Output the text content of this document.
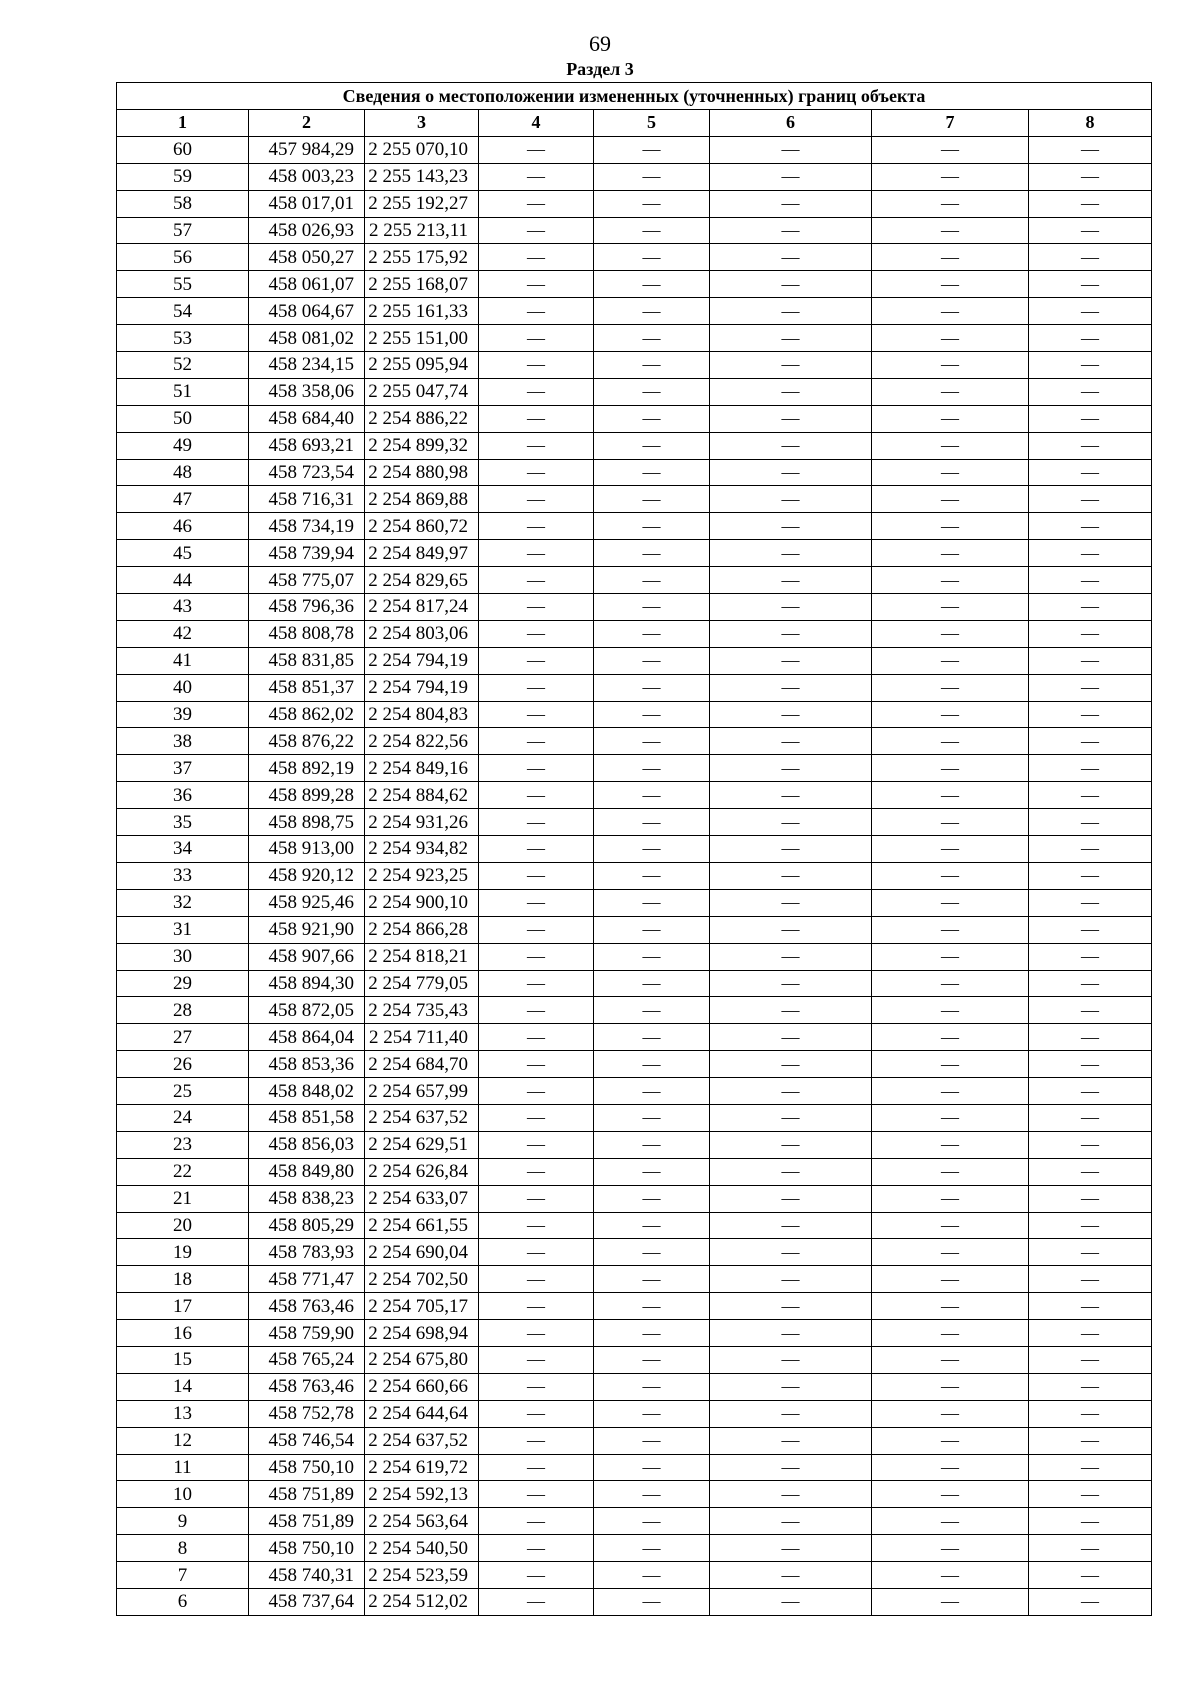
69
Раздел 3
Сведения о местоположении измененных (уточненных) границ объекта							
1	2	3	4	5	6	7	8
60	457 984,29	2 255 070,10	—	—	—	—	—
59	458 003,23	2 255 143,23	—	—	—	—	—
58	458 017,01	2 255 192,27	—	—	—	—	—
57	458 026,93	2 255 213,11	—	—	—	—	—
56	458 050,27	2 255 175,92	—	—	—	—	—
55	458 061,07	2 255 168,07	—	—	—	—	—
54	458 064,67	2 255 161,33	—	—	—	—	—
53	458 081,02	2 255 151,00	—	—	—	—	—
52	458 234,15	2 255 095,94	—	—	—	—	—
51	458 358,06	2 255 047,74	—	—	—	—	—
50	458 684,40	2 254 886,22	—	—	—	—	—
49	458 693,21	2 254 899,32	—	—	—	—	—
48	458 723,54	2 254 880,98	—	—	—	—	—
47	458 716,31	2 254 869,88	—	—	—	—	—
46	458 734,19	2 254 860,72	—	—	—	—	—
45	458 739,94	2 254 849,97	—	—	—	—	—
44	458 775,07	2 254 829,65	—	—	—	—	—
43	458 796,36	2 254 817,24	—	—	—	—	—
42	458 808,78	2 254 803,06	—	—	—	—	—
41	458 831,85	2 254 794,19	—	—	—	—	—
40	458 851,37	2 254 794,19	—	—	—	—	—
39	458 862,02	2 254 804,83	—	—	—	—	—
38	458 876,22	2 254 822,56	—	—	—	—	—
37	458 892,19	2 254 849,16	—	—	—	—	—
36	458 899,28	2 254 884,62	—	—	—	—	—
35	458 898,75	2 254 931,26	—	—	—	—	—
34	458 913,00	2 254 934,82	—	—	—	—	—
33	458 920,12	2 254 923,25	—	—	—	—	—
32	458 925,46	2 254 900,10	—	—	—	—	—
31	458 921,90	2 254 866,28	—	—	—	—	—
30	458 907,66	2 254 818,21	—	—	—	—	—
29	458 894,30	2 254 779,05	—	—	—	—	—
28	458 872,05	2 254 735,43	—	—	—	—	—
27	458 864,04	2 254 711,40	—	—	—	—	—
26	458 853,36	2 254 684,70	—	—	—	—	—
25	458 848,02	2 254 657,99	—	—	—	—	—
24	458 851,58	2 254 637,52	—	—	—	—	—
23	458 856,03	2 254 629,51	—	—	—	—	—
22	458 849,80	2 254 626,84	—	—	—	—	—
21	458 838,23	2 254 633,07	—	—	—	—	—
20	458 805,29	2 254 661,55	—	—	—	—	—
19	458 783,93	2 254 690,04	—	—	—	—	—
18	458 771,47	2 254 702,50	—	—	—	—	—
17	458 763,46	2 254 705,17	—	—	—	—	—
16	458 759,90	2 254 698,94	—	—	—	—	—
15	458 765,24	2 254 675,80	—	—	—	—	—
14	458 763,46	2 254 660,66	—	—	—	—	—
13	458 752,78	2 254 644,64	—	—	—	—	—
12	458 746,54	2 254 637,52	—	—	—	—	—
11	458 750,10	2 254 619,72	—	—	—	—	—
10	458 751,89	2 254 592,13	—	—	—	—	—
9	458 751,89	2 254 563,64	—	—	—	—	—
8	458 750,10	2 254 540,50	—	—	—	—	—
7	458 740,31	2 254 523,59	—	—	—	—	—
6	458 737,64	2 254 512,02	—	—	—	—	—
